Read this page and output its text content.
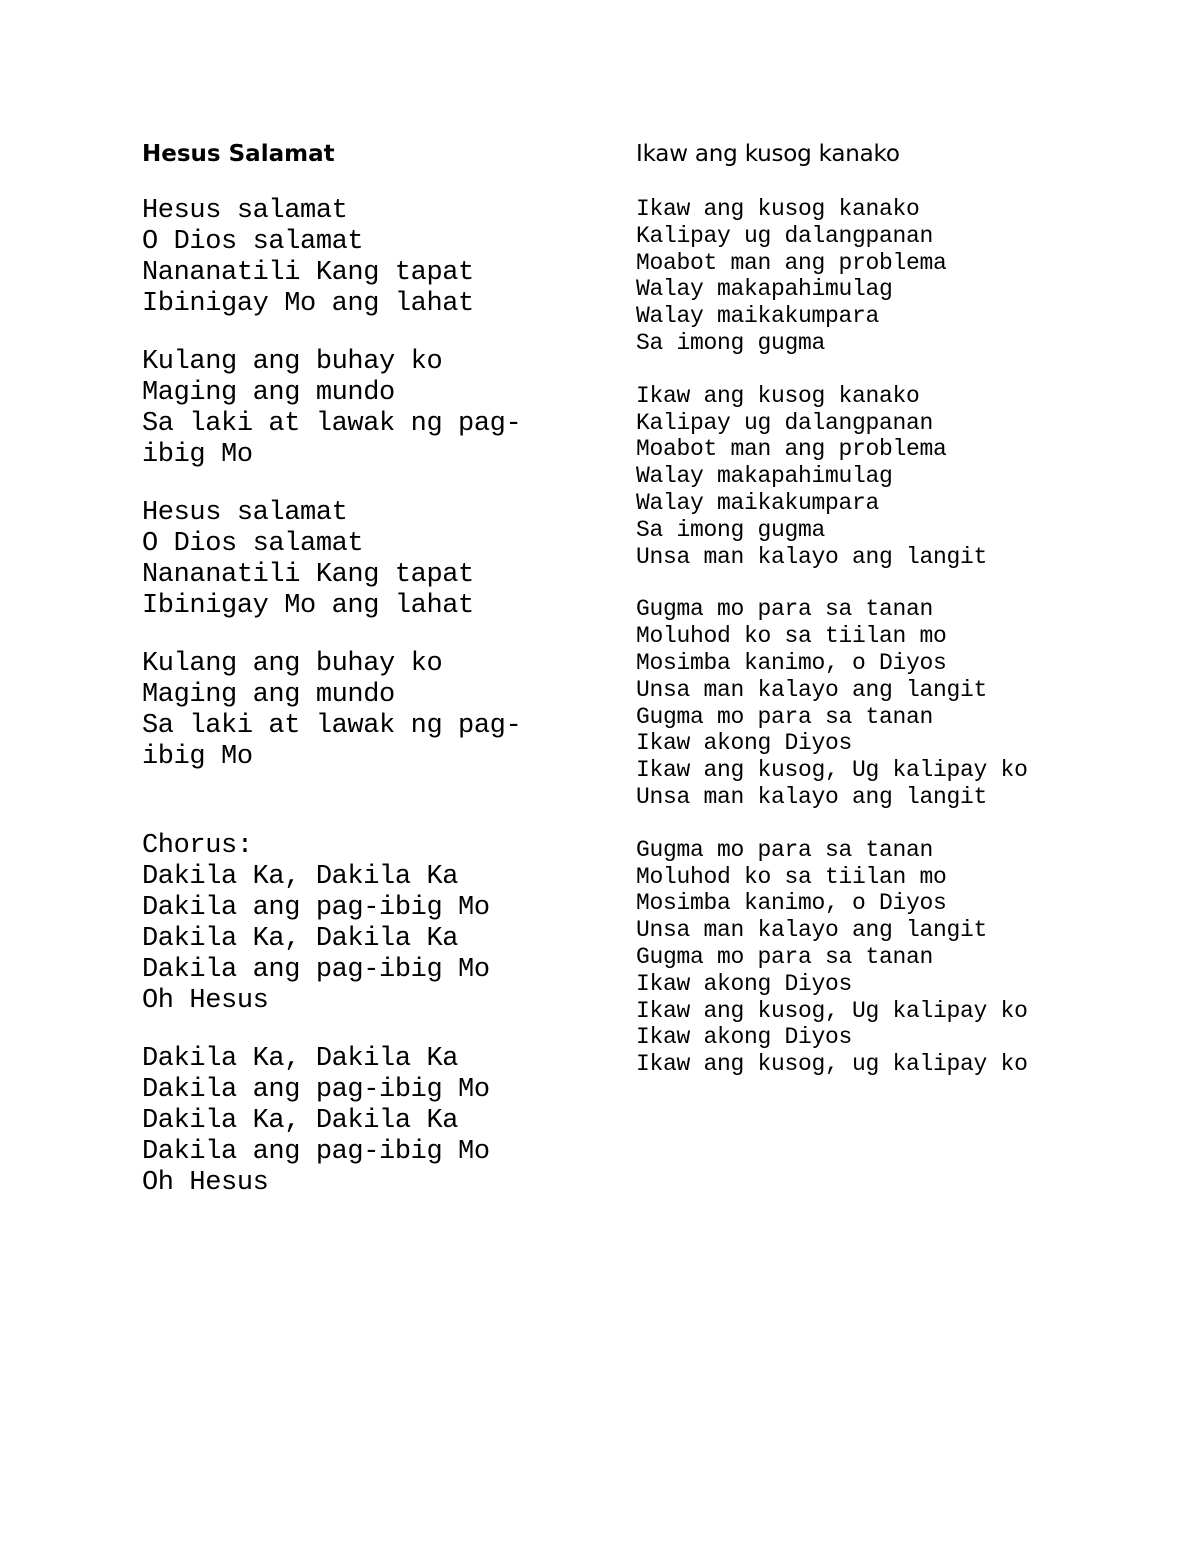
Hesus Salamat
Hesus salamat
O Dios salamat
Nananatili Kang tapat
Ibinigay Mo ang lahat
Kulang ang buhay ko
Maging ang mundo
Sa laki at lawak ng pag-
ibig Mo
Hesus salamat
O Dios salamat
Nananatili Kang tapat
Ibinigay Mo ang lahat
Kulang ang buhay ko
Maging ang mundo
Sa laki at lawak ng pag-
ibig Mo
Chorus:
Dakila Ka, Dakila Ka
Dakila ang pag-ibig Mo
Dakila Ka, Dakila Ka
Dakila ang pag-ibig Mo
Oh Hesus
Dakila Ka, Dakila Ka
Dakila ang pag-ibig Mo
Dakila Ka, Dakila Ka
Dakila ang pag-ibig Mo
Oh Hesus
Ikaw ang kusog kanako
Ikaw ang kusog kanako
Kalipay ug dalangpanan
Moabot man ang problema
Walay makapahimulag
Walay maikakumpara
Sa imong gugma
Ikaw ang kusog kanako
Kalipay ug dalangpanan
Moabot man ang problema
Walay makapahimulag
Walay maikakumpara
Sa imong gugma
Unsa man kalayo ang langit
Gugma mo para sa tanan
Moluhod ko sa tiilan mo
Mosimba kanimo, o Diyos
Unsa man kalayo ang langit
Gugma mo para sa tanan
Ikaw akong Diyos
Ikaw ang kusog, Ug kalipay ko
Unsa man kalayo ang langit
Gugma mo para sa tanan
Moluhod ko sa tiilan mo
Mosimba kanimo, o Diyos
Unsa man kalayo ang langit
Gugma mo para sa tanan
Ikaw akong Diyos
Ikaw ang kusog, Ug kalipay ko
Ikaw akong Diyos
Ikaw ang kusog, ug kalipay ko
